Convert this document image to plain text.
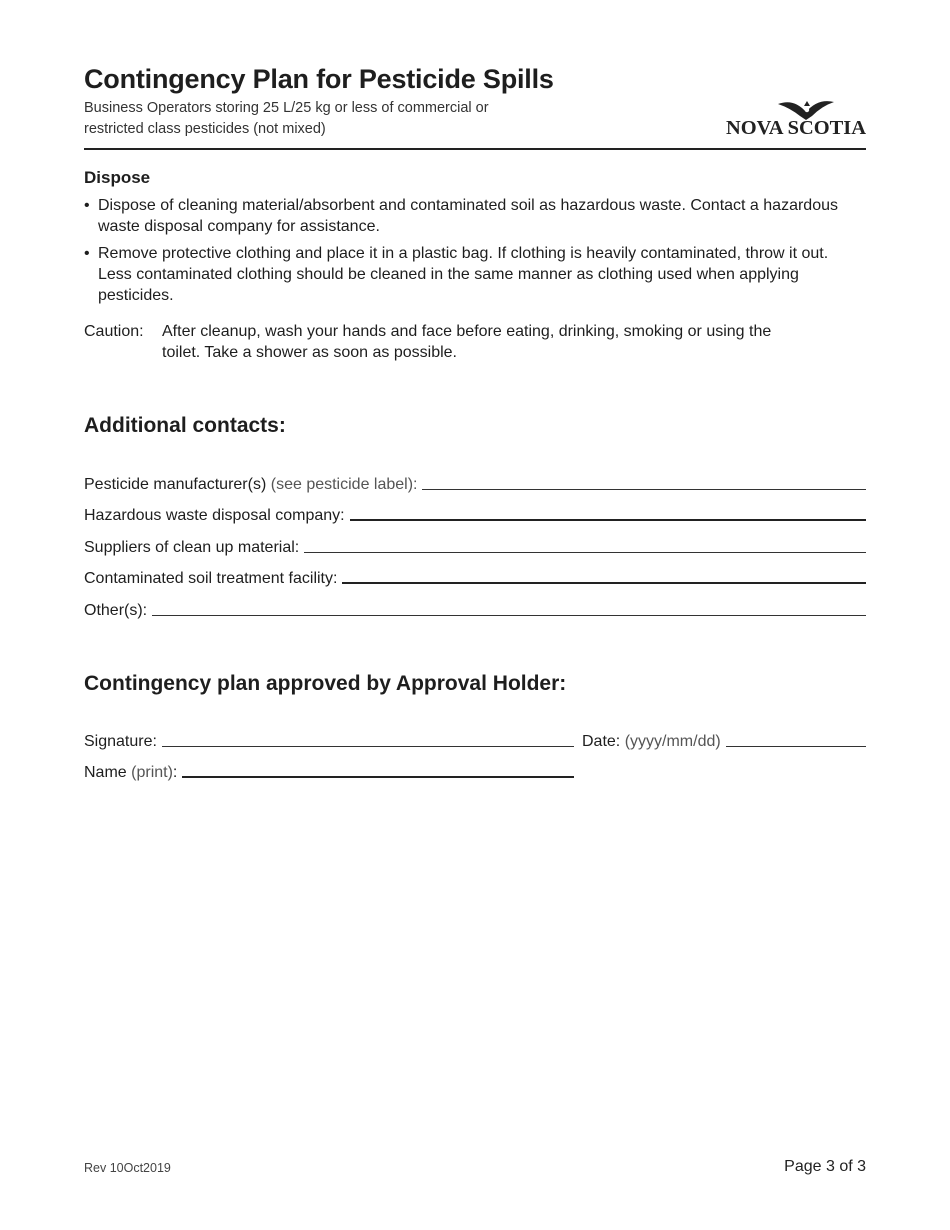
Contingency Plan for Pesticide Spills
Business Operators storing 25 L/25 kg or less of commercial or restricted class pesticides (not mixed)	NOVA SCOTIA
Dispose
• Dispose of cleaning material/absorbent and contaminated soil as hazardous waste. Contact a hazardous waste disposal company for assistance.
• Remove protective clothing and place it in a plastic bag. If clothing is heavily contaminated, throw it out. Less contaminated clothing should be cleaned in the same manner as clothing used when applying pesticides.
Caution: After cleanup, wash your hands and face before eating, drinking, smoking or using the toilet. Take a shower as soon as possible.
Additional contacts:
Pesticide manufacturer(s) (see pesticide label):
Hazardous waste disposal company:
Suppliers of clean up material:
Contaminated soil treatment facility:
Other(s):
Contingency plan approved by Approval Holder:
Signature:	Date: (yyyy/mm/dd)
Name (print) :
Rev 10Oct2019	Page 3 of 3
